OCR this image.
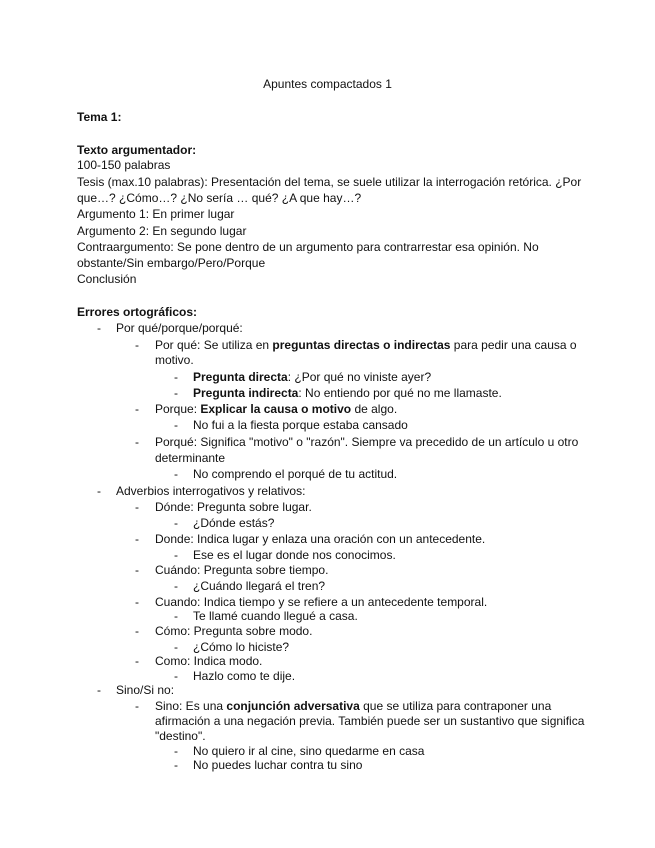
Apuntes compactados 1
Tema 1:
Texto argumentador:
100-150 palabras
Tesis (max.10 palabras): Presentación del tema, se suele utilizar la interrogación retórica. ¿Por
que…? ¿Cómo…? ¿No sería … qué? ¿A que hay…?
Argumento 1: En primer lugar
Argumento 2: En segundo lugar
Contraargumento: Se pone dentro de un argumento para contrarrestar esa opinión. No
obstante/Sin embargo/Pero/Porque
Conclusión
Errores ortográficos:
- Por qué/porque/porqué:
- Por qué: Se utiliza en preguntas directas o indirectas para pedir una causa o
motivo.
- Pregunta directa: ¿Por qué no viniste ayer?
- Pregunta indirecta: No entiendo por qué no me llamaste.
- Porque: Explicar la causa o motivo de algo.
- No fui a la fiesta porque estaba cansado
- Porqué: Significa "motivo" o "razón". Siempre va precedido de un artículo u otro
determinante
- No comprendo el porqué de tu actitud.
- Adverbios interrogativos y relativos:
- Dónde: Pregunta sobre lugar.
- ¿Dónde estás?
- Donde: Indica lugar y enlaza una oración con un antecedente.
- Ese es el lugar donde nos conocimos.
- Cuándo: Pregunta sobre tiempo.
- ¿Cuándo llegará el tren?
- Cuando: Indica tiempo y se refiere a un antecedente temporal.
- Te llamé cuando llegué a casa.
- Cómo: Pregunta sobre modo.
- ¿Cómo lo hiciste?
- Como: Indica modo.
- Hazlo como te dije.
- Sino/Si no:
- Sino: Es una conjunción adversativa que se utiliza para contraponer una
afirmación a una negación previa. También puede ser un sustantivo que significa
"destino".
- No quiero ir al cine, sino quedarme en casa
- No puedes luchar contra tu sino
